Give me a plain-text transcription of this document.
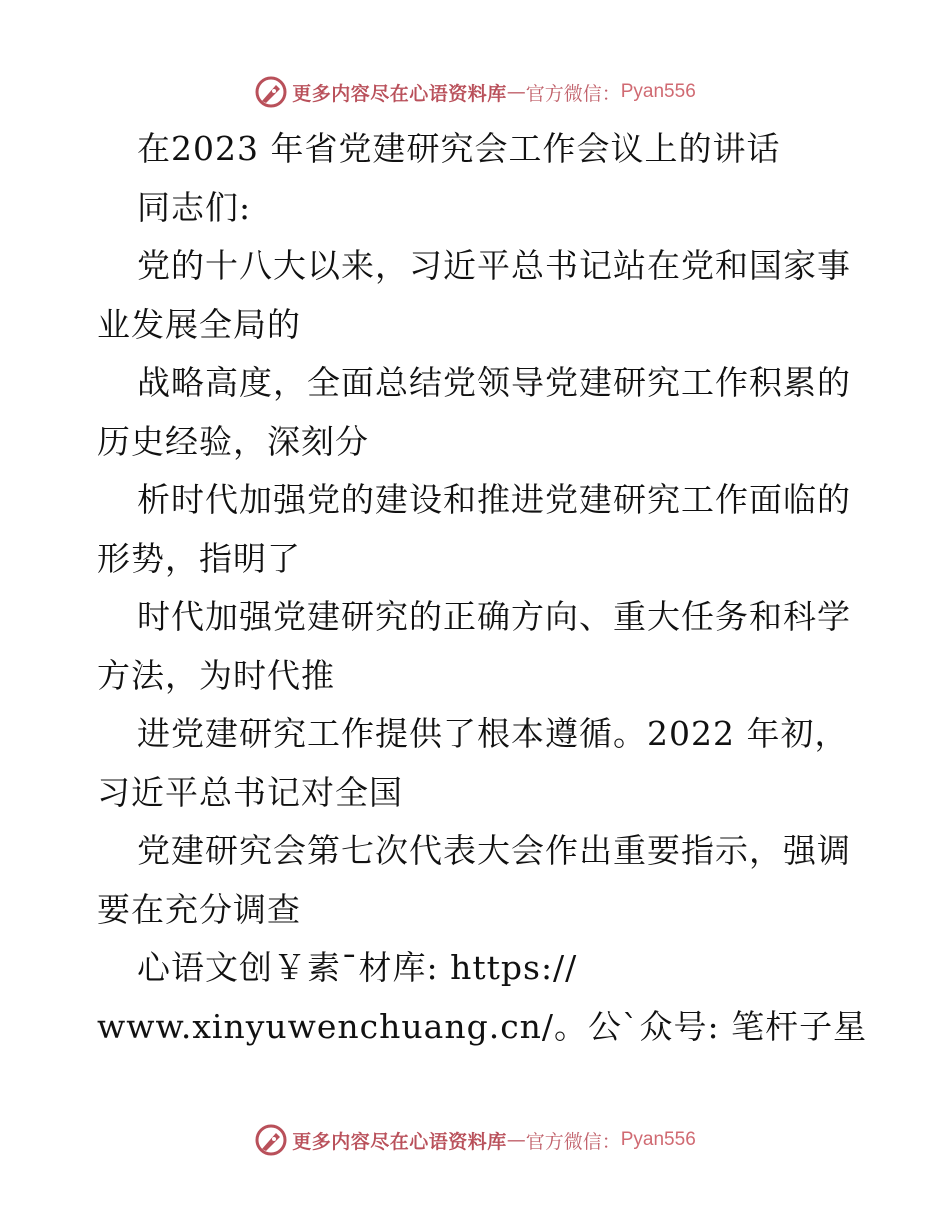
更多内容尽在心语资料库 — 官方微信： Pyan556
在2023 年省党建研究会工作会议上的讲话
同志们:
党的十八大以来，习近平总书记站在党和国家事
业发展全局的
战略高度，全面总结党领导党建研究工作积累的
历史经验，深刻分
析时代加强党的建设和推进党建研究工作面临的
形势，指明了
时代加强党建研究的正确方向、重大任务和科学
方法，为时代推
进党建研究工作提供了根本遵循。2022 年初，
习近平总书记对全国
党建研究会第七次代表大会作出重要指示，强调
要在充分调查
心语文创￥素¯材库: https://
www.xinyuwenchuang.cn/。公`众号: 笔杆子星
更多内容尽在心语资料库 — 官方微信： Pyan556
